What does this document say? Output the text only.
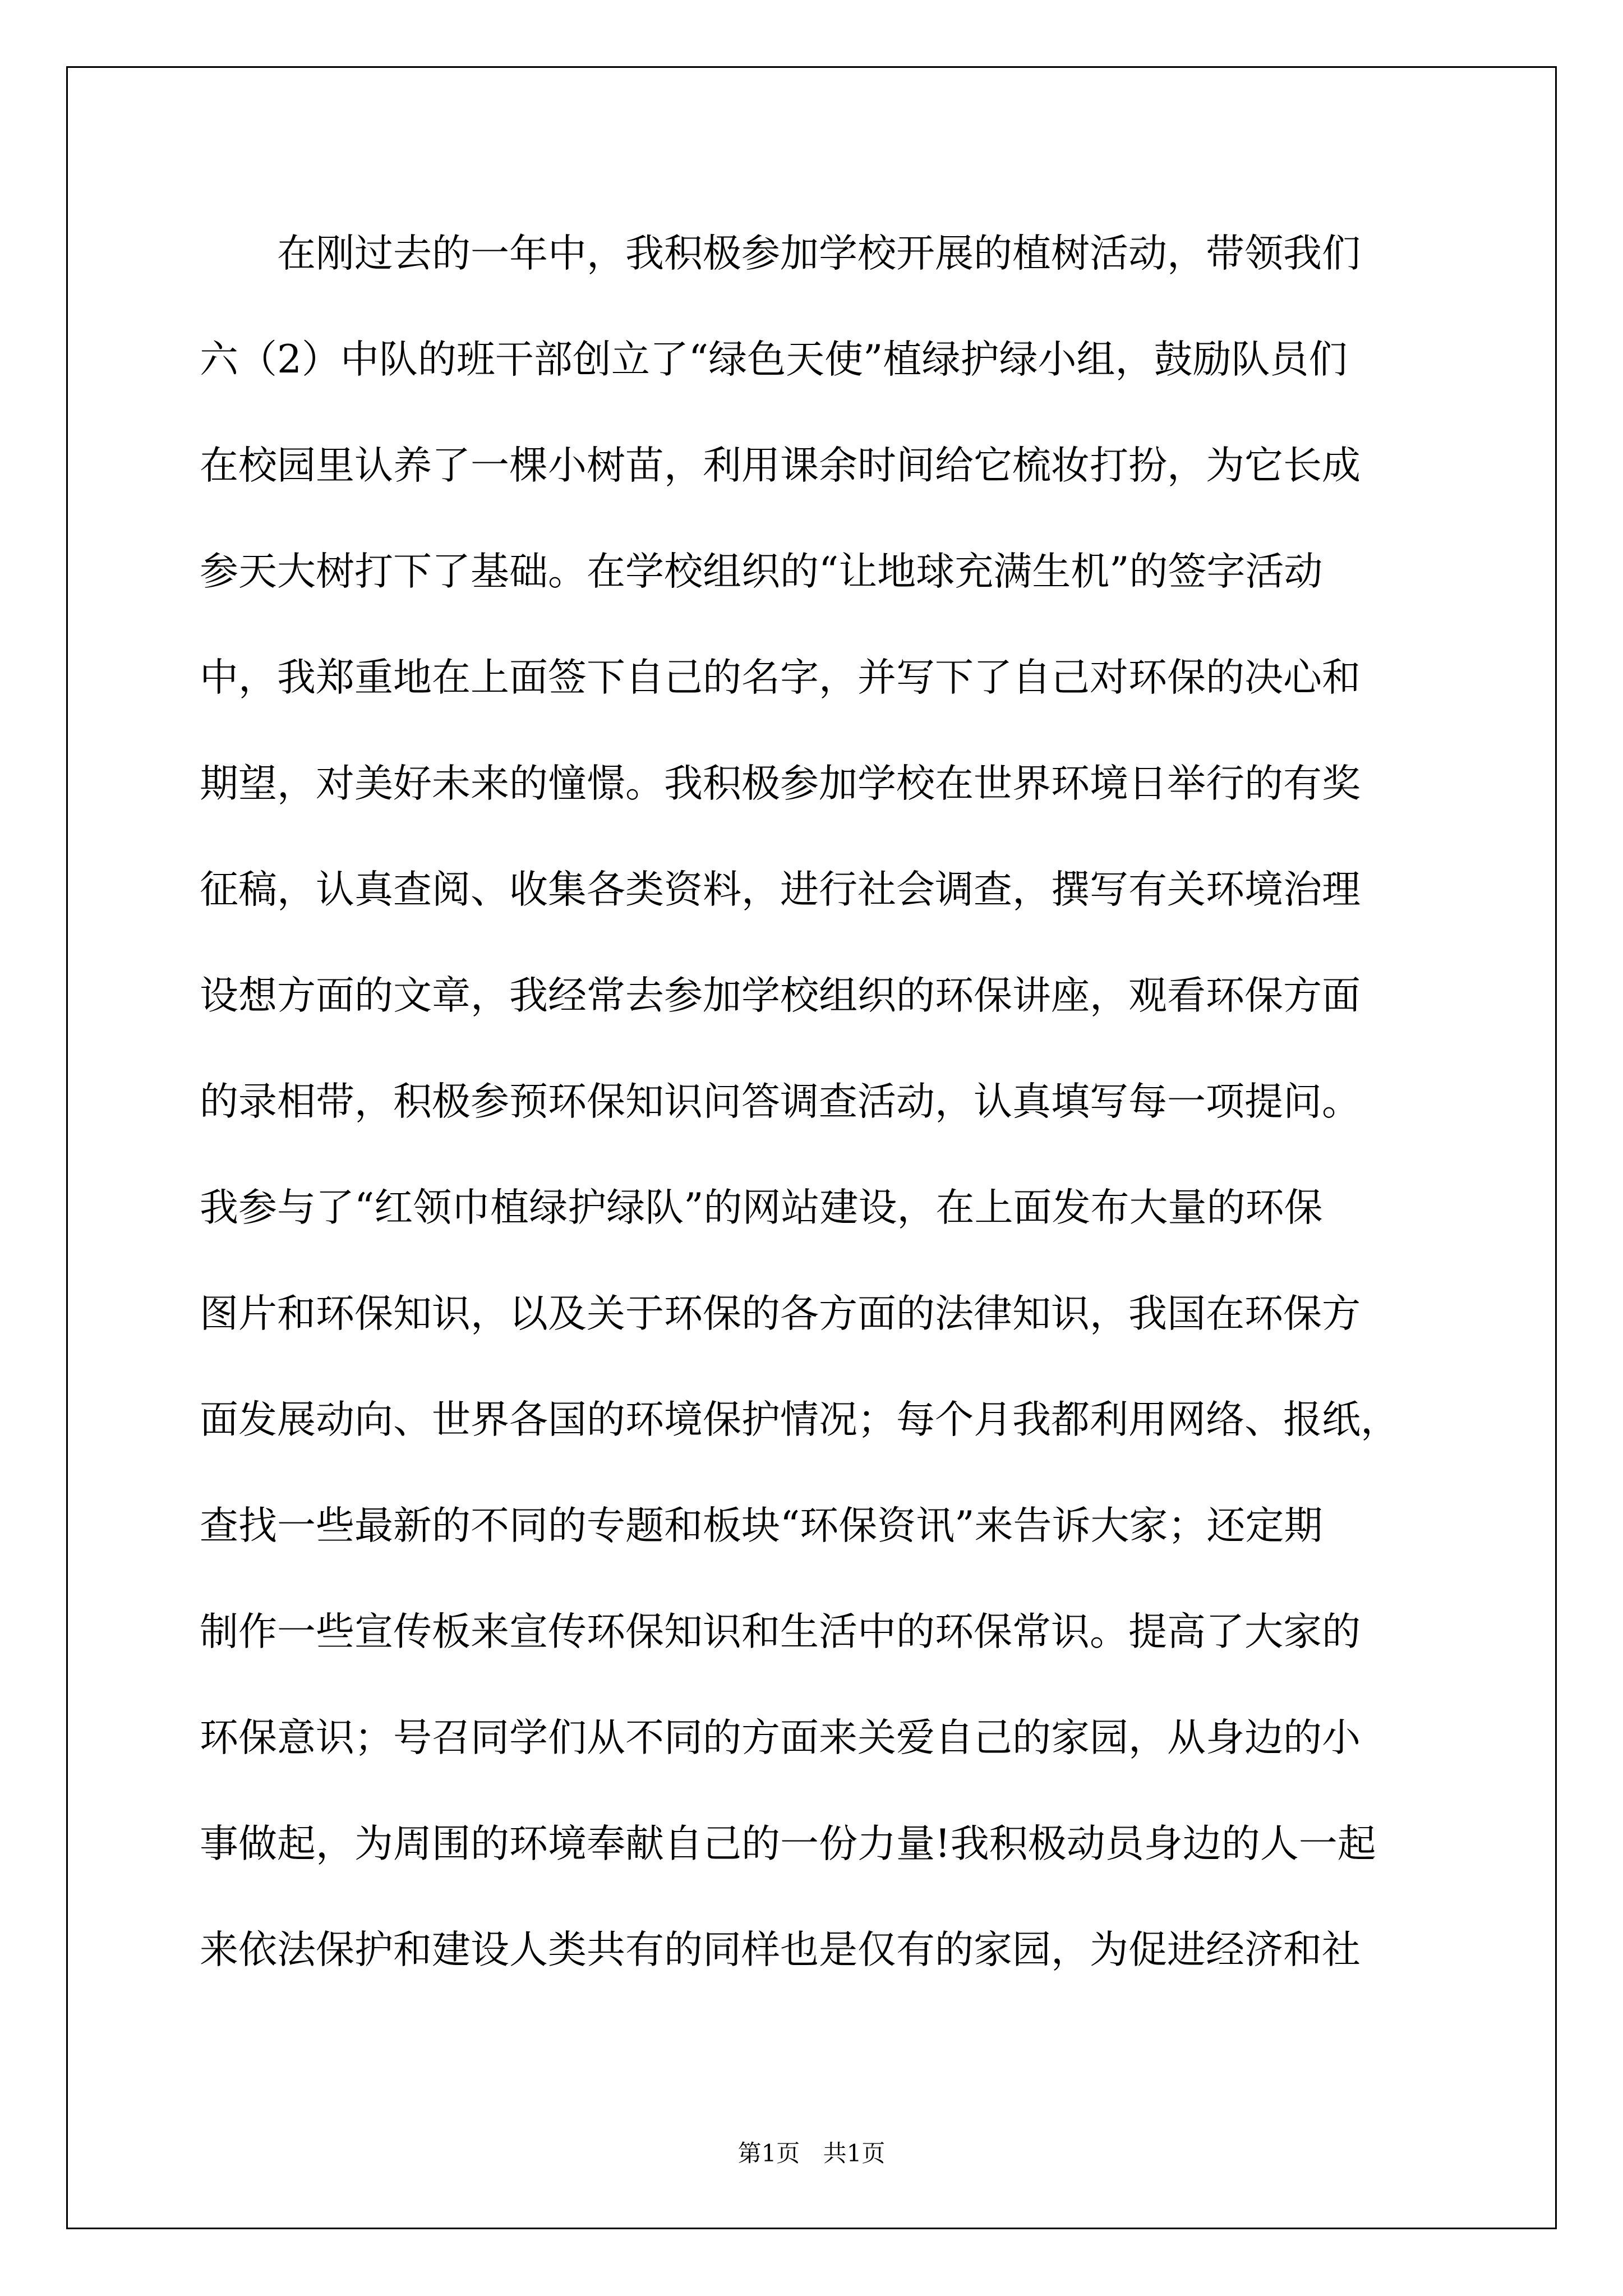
　　在刚过去的一年中，我积极参加学校开展的植树活动，带领我们
六（2）中队的班干部创立了“绿色天使”植绿护绿小组，鼓励队员们
在校园里认养了一棵小树苗，利用课余时间给它梳妆打扮，为它长成
参天大树打下了基础。在学校组织的“让地球充满生机”的签字活动
中，我郑重地在上面签下自己的名字，并写下了自己对环保的决心和
期望，对美好未来的憧憬。我积极参加学校在世界环境日举行的有奖
征稿，认真查阅、收集各类资料，进行社会调查，撰写有关环境治理
设想方面的文章，我经常去参加学校组织的环保讲座，观看环保方面
的录相带，积极参预环保知识问答调查活动，认真填写每一项提问。
我参与了“红领巾植绿护绿队”的网站建设，在上面发布大量的环保
图片和环保知识，以及关于环保的各方面的法律知识，我国在环保方
面发展动向、世界各国的环境保护情况；每个月我都利用网络、报纸，
查找一些最新的不同的专题和板块“环保资讯”来告诉大家；还定期
制作一些宣传板来宣传环保知识和生活中的环保常识。提高了大家的
环保意识；号召同学们从不同的方面来关爱自己的家园，从身边的小
事做起，为周围的环境奉献自己的一份力量!我积极动员身边的人一起
来依法保护和建设人类共有的同样也是仅有的家园，为促进经济和社
第1页 共1页
